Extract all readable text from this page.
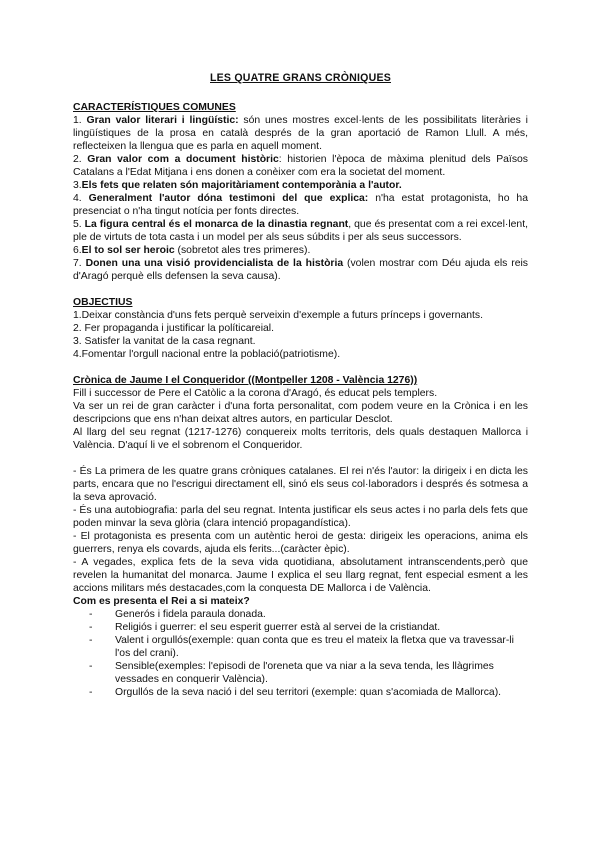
LES QUATRE GRANS CRÒNIQUES

CARACTERÍSTIQUES COMUNES

1. Gran valor literari i lingüístic: són unes mostres excel·lents de les possibilitats literàries i lingüístiques de la prosa en català després de la gran aportació de Ramon Llull. A més, reflecteixen la llengua que es parla en aquell moment.
2. Gran valor com a document històric: historien l'època de màxima plenitud dels Països Catalans a l'Edat Mitjana i ens donen a conèixer com era la societat del moment.
3.Els fets que relaten són majoritàriament contemporània a l'autor.
4. Generalment l'autor dóna testimoni del que explica: n'ha estat protagonista, ho ha presenciat o n'ha tingut notícia per fonts directes.
5. La figura central és el monarca de la dinastia regnant, que és presentat com a rei excel·lent, ple de virtuts de tota casta i un model per als seus súbdits i per als seus successors.
6.El to sol ser heroic (sobretot ales tres primeres).
7. Donen una una visió providencialista de la història (volen mostrar com Déu ajuda els reis d'Aragó perquè ells defensen la seva causa).

OBJECTIUS

1.Deixar constància d'uns fets perquè serveixin d'exemple a futurs prínceps i governants.

2. Fer propaganda i justificar la políticareial.

3. Satisfer la vanitat de la casa regnant.

4.Fomentar l'orgull nacional entre la població(patriotisme).

Crònica de Jaume I el Conqueridor ((Montpeller 1208 - València 1276))

Fill i successor de Pere el Catòlic a la corona d'Aragó, és educat pels templers.

Va ser un rei de gran caràcter i d'una forta personalitat, com podem veure en la Crònica i en les descripcions que ens n'han deixat altres autors, en particular Desclot.

Al llarg del seu regnat (1217-1276) conquereix molts territoris, dels quals destaquen Mallorca i València. D'aquí li ve el sobrenom el Conqueridor.

- És La primera de les quatre grans cròniques catalanes. El rei n'és l'autor: la dirigeix i en dicta les parts, encara que no l'escrigui directament ell, sinó els seus col·laboradors i després és sotmesa a la seva aprovació.

- És una autobiografia: parla del seu regnat. Intenta justificar els seus actes i no parla dels fets que poden minvar la seva glòria (clara intenció propagandística).

- El protagonista es presenta com un autèntic heroi de gesta: dirigeix les operacions, anima els guerrers, renya els covards, ajuda els ferits...(caràcter èpic).

- A vegades, explica fets de la seva vida quotidiana, absolutament intranscendents,però que revelen la humanitat del monarca. Jaume I explica el seu llarg regnat, fent especial esment a les accions militars més destacades,com la conquesta DE Mallorca i de València.

Com es presenta el Rei a si mateix?

- Generós i fidela paraula donada.
- Religiós i guerrer: el seu esperit guerrer està al servei de la cristiandat.
- Valent i orgullós(exemple: quan conta que es treu el mateix la fletxa que va travessar-li l'os del crani).
- Sensible(exemples: l'episodi de l'oreneta que va niar a la seva tenda, les llàgrimes vessades en conquerir València).
- Orgullós de la seva nació i del seu territori (exemple: quan s'acomiada de Mallorca).
